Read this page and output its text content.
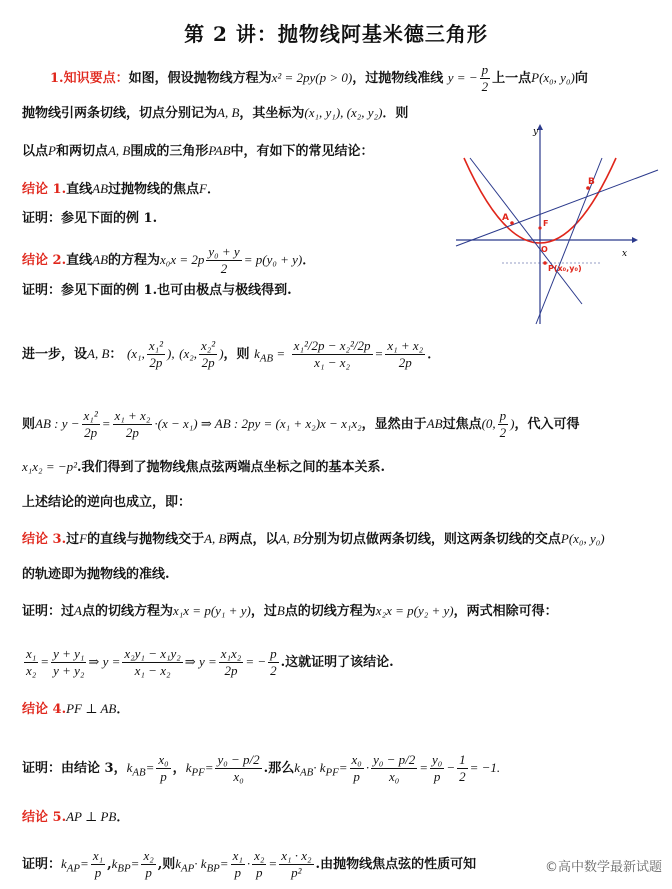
第 2 讲：抛物线阿基米德三角形
1.知识要点：如图，假设抛物线方程为x² = 2py(p > 0)，过抛物线准线 y = − $\frac{p}{2}$ 上一点P(x₀, y₀)向
抛物线引两条切线，切点分别记为A, B，其坐标为(x₁, y₁), (x₂, y₂)．则
以点P和两切点A, B围成的三角形PAB中，有如下的常见结论：
结论 1.直线AB过抛物线的焦点F．
证明：参见下面的例 1.
结论 2.直线AB的方程为$x_0x = 2p \frac{\text{y₀ + y}}{2} = p(y_0 + y)$．
证明：参见下面的例 1.也可由极点与极线得到.
进一步，设A, B： (x₁, $\frac{\text{x₁²}}{2p}$ ), (x₂, $\frac{\text{x₂²}}{2p}$ )，则 $k_{AB} = \frac{\text{x₁²/2p − x₂²/2p}}{\text{x₁ − x₂}} = \frac{\text{x₁ + x₂}}{2p}$ ．
则AB : $y - \frac{\text{x₁²}}{2p} = \frac{\text{x₁ + x₂}}{2p} \cdot(x - x_1)$ ⇒ AB : 2py = (x₁ + x₂)x − x₁x₂，显然由于AB过焦点(0, $\frac{p}{2}$ )，代入可得
x₁x₂ = −p².我们得到了抛物线焦点弦两端点坐标之间的基本关系.
上述结论的逆向也成立，即：
结论 3.过F的直线与抛物线交于A, B两点，以A, B分别为切点做两条切线，则这两条切线的交点P(x₀, y₀)
的轨迹即为抛物线的准线.
证明：过A点的切线方程为x₁x = p(y₁ + y)，过B点的切线方程为x₂x = p(y₂ + y)，两式相除可得：
$\frac{\text{x₁}}{\text{x₂}} = \frac{\text{y + y₁}}{\text{y + y₂}}$ ⇒ $y = \frac{\text{x₂y₁ − x₁y₂}}{\text{x₁ − x₂}}$ ⇒ $y = \frac{\text{x₁x₂}}{2p}$ = − $\frac{p}{2}$ .这就证明了该结论.
结论 4.PF ⊥ AB．
证明：由结论 3，$k_{AB}= \frac{\text{x₀}}{p}$ ，$k_{PF}= \frac{\text{y₀ − p/2}}{\text{x₀}}$ .那么$k_{AB}\cdot k_{PF}= \frac{\text{x₀}}{p} \cdot \frac{\text{y₀ − p/2}}{\text{x₀}} = \frac{\text{y₀}}{p} - \frac{1}{2} = -1$.
结论 5.AP ⊥ PB．
证明：$k_{AP}= \frac{\text{x₁}}{p} ,k_{BP}= \frac{\text{x₂}}{p}$ ,则$k_{AP}\cdot k_{BP}= \frac{\text{x₁}}{p} \cdot \frac{\text{x₂}}{p} = \frac{\text{x₁ · x₂}}{\text{p²}}$ .由抛物线焦点弦的性质可知
y
x
A
B
F
O
P(x₀,y₀)
©高中数学最新试题
